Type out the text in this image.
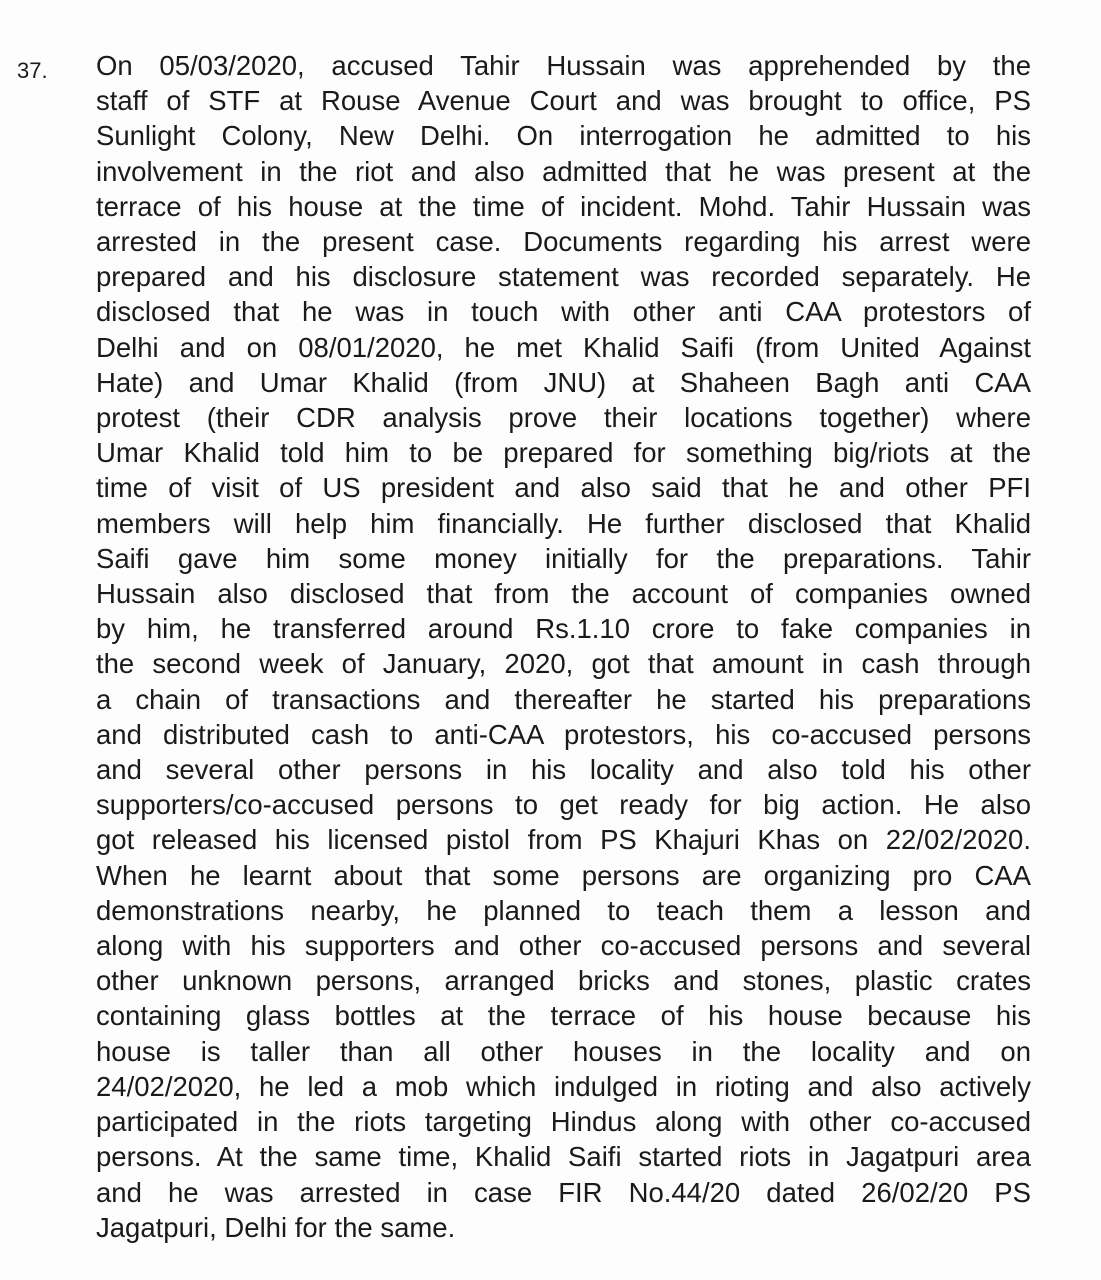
37. On 05/03/2020, accused Tahir Hussain was apprehended by the
staff of STF at Rouse Avenue Court and was brought to office, PS
Sunlight Colony, New Delhi. On interrogation he admitted to his
involvement in the riot and also admitted that he was present at the
terrace of his house at the time of incident. Mohd. Tahir Hussain was
arrested in the present case. Documents regarding his arrest were
prepared and his disclosure statement was recorded separately. He
disclosed that he was in touch with other anti CAA protestors of
Delhi and on 08/01/2020, he met Khalid Saifi (from United Against
Hate) and Umar Khalid (from JNU) at Shaheen Bagh anti CAA
protest (their CDR analysis prove their locations together) where
Umar Khalid told him to be prepared for something big/riots at the
time of visit of US president and also said that he and other PFI
members will help him financially. He further disclosed that Khalid
Saifi gave him some money initially for the preparations. Tahir
Hussain also disclosed that from the account of companies owned
by him, he transferred around Rs.1.10 crore to fake companies in
the second week of January, 2020, got that amount in cash through
a chain of transactions and thereafter he started his preparations
and distributed cash to anti-CAA protestors, his co-accused persons
and several other persons in his locality and also told his other
supporters/co-accused persons to get ready for big action. He also
got released his licensed pistol from PS Khajuri Khas on 22/02/2020.
When he learnt about that some persons are organizing pro CAA
demonstrations nearby, he planned to teach them a lesson and
along with his supporters and other co-accused persons and several
other unknown persons, arranged bricks and stones, plastic crates
containing glass bottles at the terrace of his house because his
house is taller than all other houses in the locality and on
24/02/2020, he led a mob which indulged in rioting and also actively
participated in the riots targeting Hindus along with other co-accused
persons. At the same time, Khalid Saifi started riots in Jagatpuri area
and he was arrested in case FIR No.44/20 dated 26/02/20 PS
Jagatpuri, Delhi for the same.
